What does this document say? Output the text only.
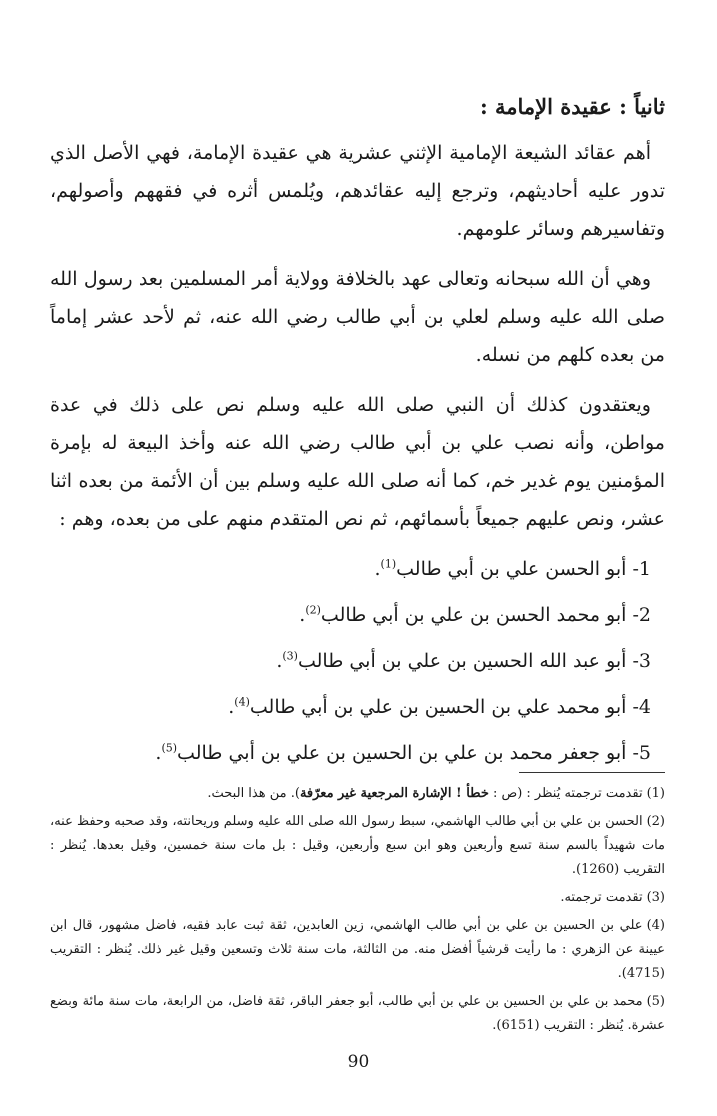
ثانياً : عقيدة الإمامة :

أهم عقائد الشيعة الإمامية الإثني عشرية هي عقيدة الإمامة، فهي الأصل الذي تدور عليه أحاديثهم، وترجع إليه عقائدهم، ويُلمس أثره في فقههم وأصولهم، وتفاسيرهم وسائر علومهم.

وهي أن الله سبحانه وتعالى عهد بالخلافة وولاية أمر المسلمين بعد رسول الله صلى الله عليه وسلم لعلي بن أبي طالب رضي الله عنه، ثم لأحد عشر إماماً من بعده كلهم من نسله.

ويعتقدون كذلك أن النبي صلى الله عليه وسلم نص على ذلك في عدة مواطن، وأنه نصب علي بن أبي طالب رضي الله عنه وأخذ البيعة له بإمرة المؤمنين يوم غدير خم، كما أنه صلى الله عليه وسلم بين أن الأئمة من بعده اثنا عشر، ونص عليهم جميعاً بأسمائهم، ثم نص المتقدم منهم على من بعده، وهم :

1- أبو الحسن علي بن أبي طالب$^{(1)}$.
2- أبو محمد الحسن بن علي بن أبي طالب$^{(2)}$.
3- أبو عبد الله الحسين بن علي بن أبي طالب$^{(3)}$.
4- أبو محمد علي بن الحسين بن علي بن أبي طالب$^{(4)}$.
5- أبو جعفر محمد بن علي بن الحسين بن علي بن أبي طالب$^{(5)}$.

(1)تقدمت ترجمته يُنظر : (ص : خطأ ! الإشارة المرجعية غير معرّفة). من هذا البحث.

(2)الحسن بن علي بن أبي طالب الهاشمي، سبط رسول الله صلى الله عليه وسلم وريحانته، وقد صحبه وحفظ عنه، مات شهيداً بالسم سنة تسع وأربعين وهو ابن سبع وأربعين، وقيل : بل مات سنة خمسين، وقيل بعدها. يُنظر : التقريب (1260).

(3)تقدمت ترجمته.

(4)علي بن الحسين بن علي بن أبي طالب الهاشمي، زين العابدين، ثقة ثبت عابد فقيه، فاضل مشهور، قال ابن عيينة عن الزهري : ما رأيت قرشياً أفضل منه. من الثالثة، مات سنة ثلاث وتسعين وقيل غير ذلك. يُنظر : التقريب (4715).

(5)محمد بن علي بن الحسين بن علي بن أبي طالب، أبو جعفر الباقر، ثقة فاضل، من الرابعة، مات سنة مائة وبضع عشرة. يُنظر : التقريب (6151).

90
